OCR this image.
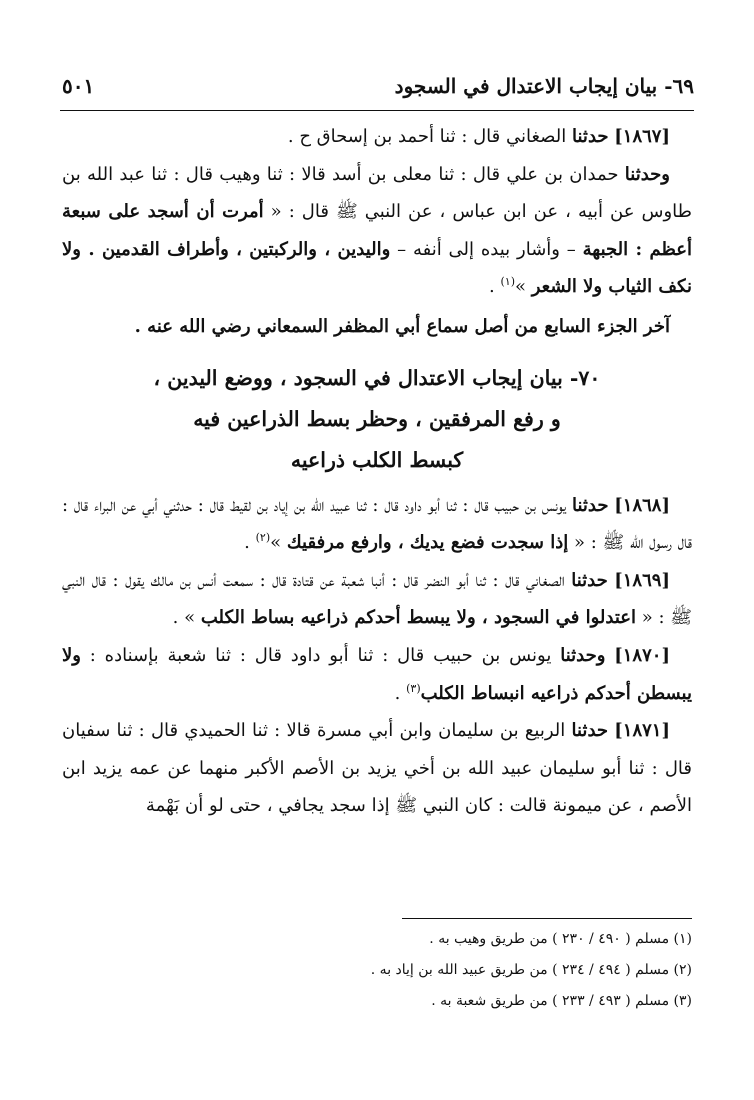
٦٩- بيان إيجاب الاعتدال في السجود
٥٠١

[١٨٦٧] حدثنا الصغاني قال : ثنا أحمد بن إسحاق ح .

وحدثنا حمدان بن علي قال : ثنا معلى بن أسد قالا : ثنا وهيب قال : ثنا عبد الله بن طاوس عن أبيه ، عن ابن عباس ، عن النبي ﷺ قال : « أمرت أن أسجد على سبعة أعظم : الجبهة – وأشار بيده إلى أنفه – واليدين ، والركبتين ، وأطراف القدمين . ولا نكف الثياب ولا الشعر »$^{(١)}$ .

آخر الجزء السابع من أصل سماع أبي المظفر السمعاني رضي الله عنه .

٧٠- بيان إيجاب الاعتدال في السجود ، ووضع اليدين ،
و رفع المرفقين ، وحظر بسط الذراعين فيه
كبسط الكلب ذراعيه

[١٨٦٨] حدثنا يونس بن حبيب قال : ثنا أبو داود قال : ثنا عبيد الله بن إياد بن لقيط قال : حدثني أبي عن البراء قال : قال رسول الله ﷺ : « إذا سجدت فضع يديك ، وارفع مرفقيك »$^{(٢)}$ .

[١٨٦٩] حدثنا الصغاني قال : ثنا أبو النضر قال : أنبا شعبة عن قتادة قال : سمعت أنس بن مالك يقول : قال النبي ﷺ : « اعتدلوا في السجود ، ولا يبسط أحدكم ذراعيه بساط الكلب » .

[١٨٧٠] وحدثنا يونس بن حبيب قال : ثنا أبو داود قال : ثنا شعبة بإسناده : ولا يبسطن أحدكم ذراعيه انبساط الكلب$^{(٣)}$ .

[١٨٧١] حدثنا الربيع بن سليمان وابن أبي مسرة قالا : ثنا الحميدي قال : ثنا سفيان قال : ثنا أبو سليمان عبيد الله بن أخي يزيد بن الأصم الأكبر منهما عن عمه يزيد ابن الأصم ، عن ميمونة قالت : كان النبي ﷺ إذا سجد يجافي ، حتى لو أن بَهْمة

(١) مسلم ( ٤٩٠ / ٢٣٠ ) من طريق وهيب به .
(٢) مسلم ( ٤٩٤ / ٢٣٤ ) من طريق عبيد الله بن إياد به .
(٣) مسلم ( ٤٩٣ / ٢٣٣ ) من طريق شعبة به .
